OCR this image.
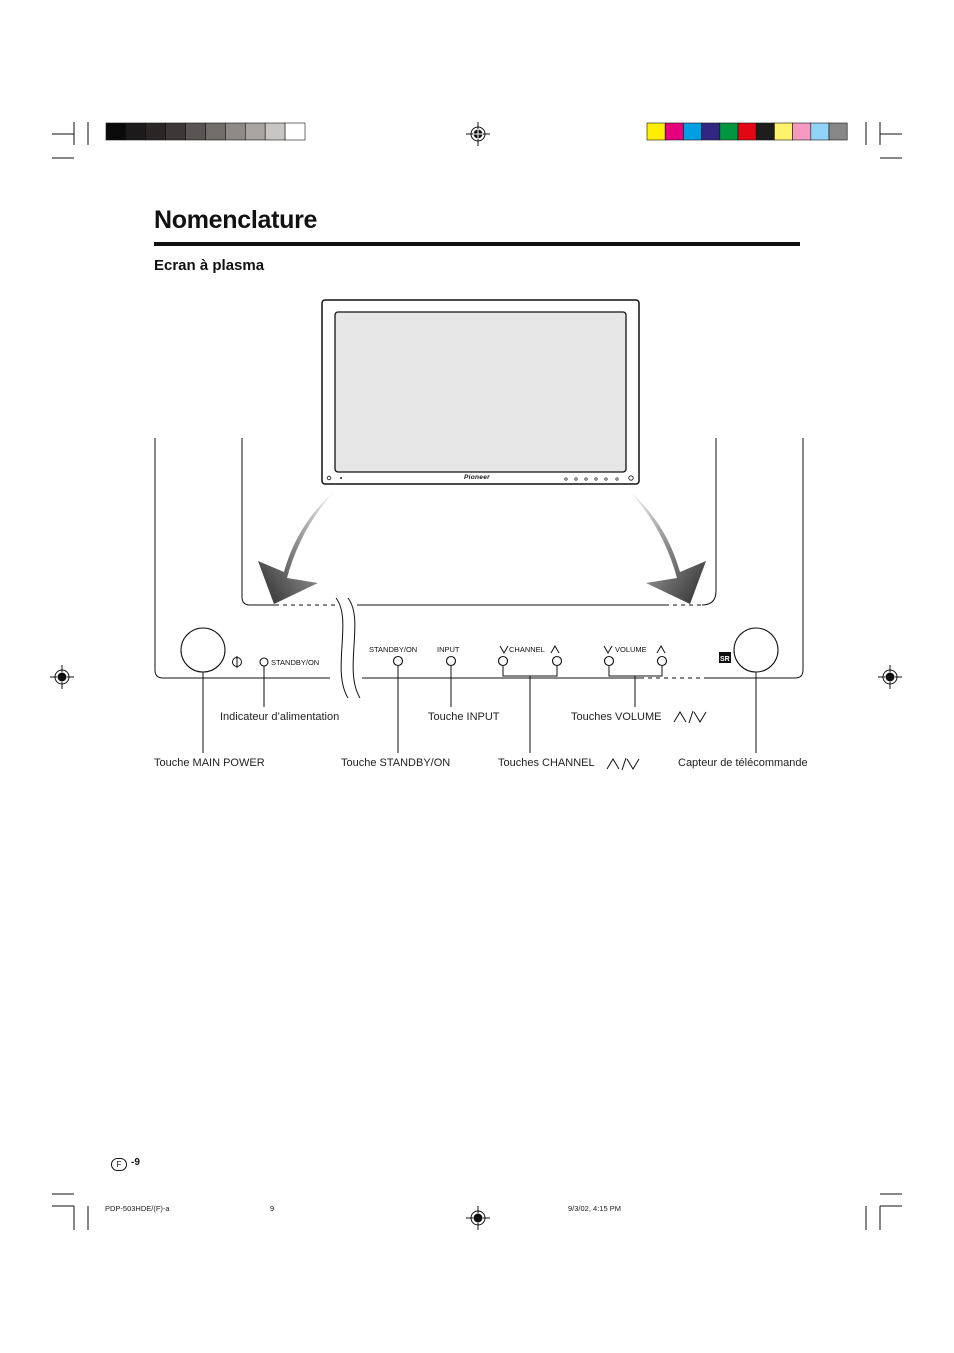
SR
Nomenclature
Ecran à plasma
Pioneer
STANDBY/ON
STANDBY/ON	INPUT	CHANNEL	VOLUME
Indicateur d’alimentation	Touche INPUT	Touches VOLUME
Touche MAIN POWER	Touche STANDBY/ON	Touches CHANNEL	Capteur de télécommande
F -9
PDP-503HDE/(F)-a	9	9/3/02, 4:15 PM
